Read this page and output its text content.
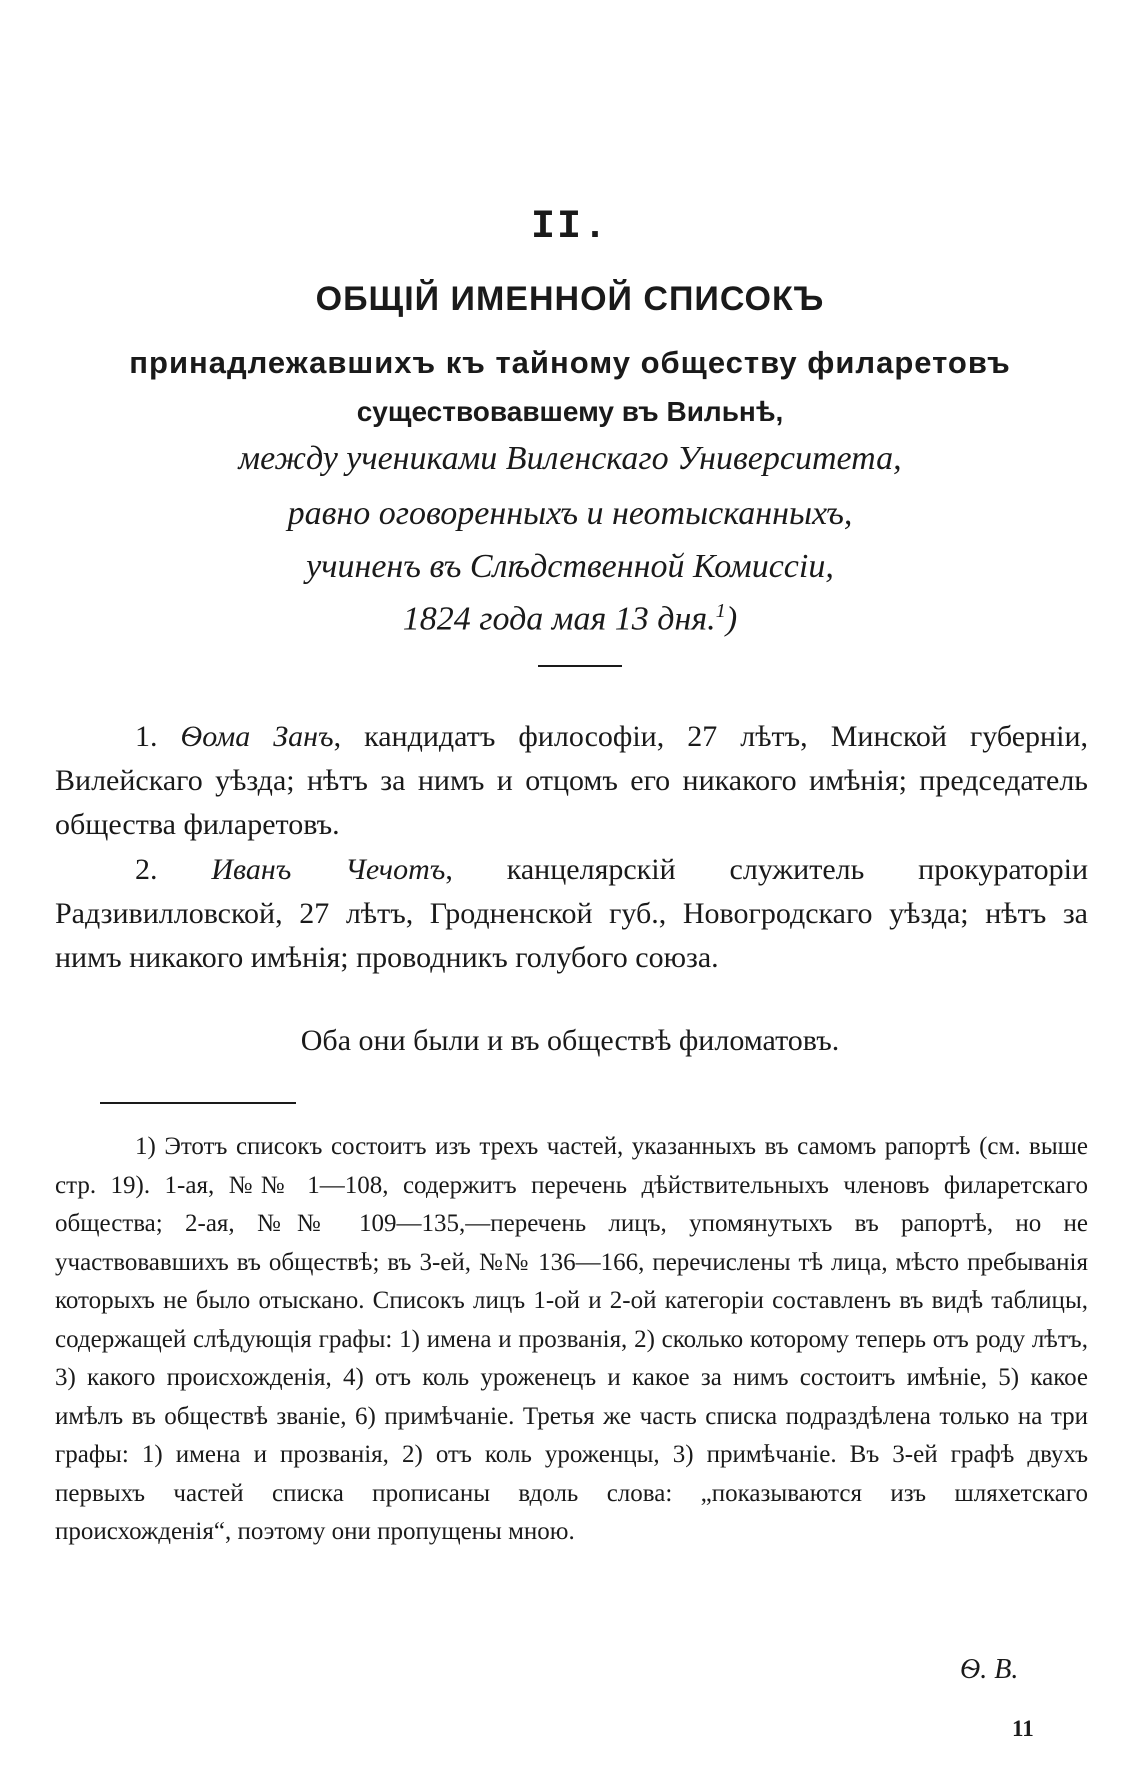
II.
ОБЩІЙ ИМЕННОЙ СПИСОКЪ
принадлежавшихъ къ тайному обществу филаретовъ
существовавшему въ Вильнѣ,
между учениками Виленскаго Университета,
равно оговоренныхъ и неотысканныхъ,
учиненъ въ Слѣдственной Комиссіи,
1824 года мая 13 дня.$^1$)
1. Ѳома Занъ, кандидатъ философіи, 27 лѣтъ, Минской губерніи, Вилейскаго уѣзда; нѣтъ за нимъ и отцомъ его никакого имѣнія; председатель общества филаретовъ.
2. Иванъ Чечотъ, канцелярскій служитель прокураторіи Радзивилловской, 27 лѣтъ, Гродненской губ., Новогродскаго уѣзда; нѣтъ за нимъ никакого имѣнія; проводникъ голубого союза.
Оба они были и въ обществѣ филоматовъ.
1) Этотъ списокъ состоитъ изъ трехъ частей, указанныхъ въ самомъ рапортѣ (см. выше стр. 19). 1-ая, №№ 1—108, содержитъ перечень дѣйствительныхъ членовъ филаретскаго общества; 2-ая, №№ 109—135,—перечень лицъ, упомянутыхъ въ рапортѣ, но не участвовавшихъ въ обществѣ; въ 3-ей, №№ 136—166, перечислены тѣ лица, мѣсто пребыванія которыхъ не было отыскано. Списокъ лицъ 1-ой и 2-ой категоріи составленъ въ видѣ таблицы, содержащей слѣдующія графы: 1) имена и прозванія, 2) сколько которому теперь отъ роду лѣтъ, 3) какого происхожденія, 4) отъ коль уроженецъ и какое за нимъ состоитъ имѣніе, 5) какое имѣлъ въ обществѣ званіе, 6) примѣчаніе. Третья же часть списка подраздѣлена только на три графы: 1) имена и прозванія, 2) отъ коль уроженцы, 3) примѣчаніе. Въ 3-ей графѣ двухъ первыхъ частей списка прописаны вдоль слова: „показываются изъ шляхетскаго происхожденія“, поэтому они пропущены мною.
Ѳ. В.
11
